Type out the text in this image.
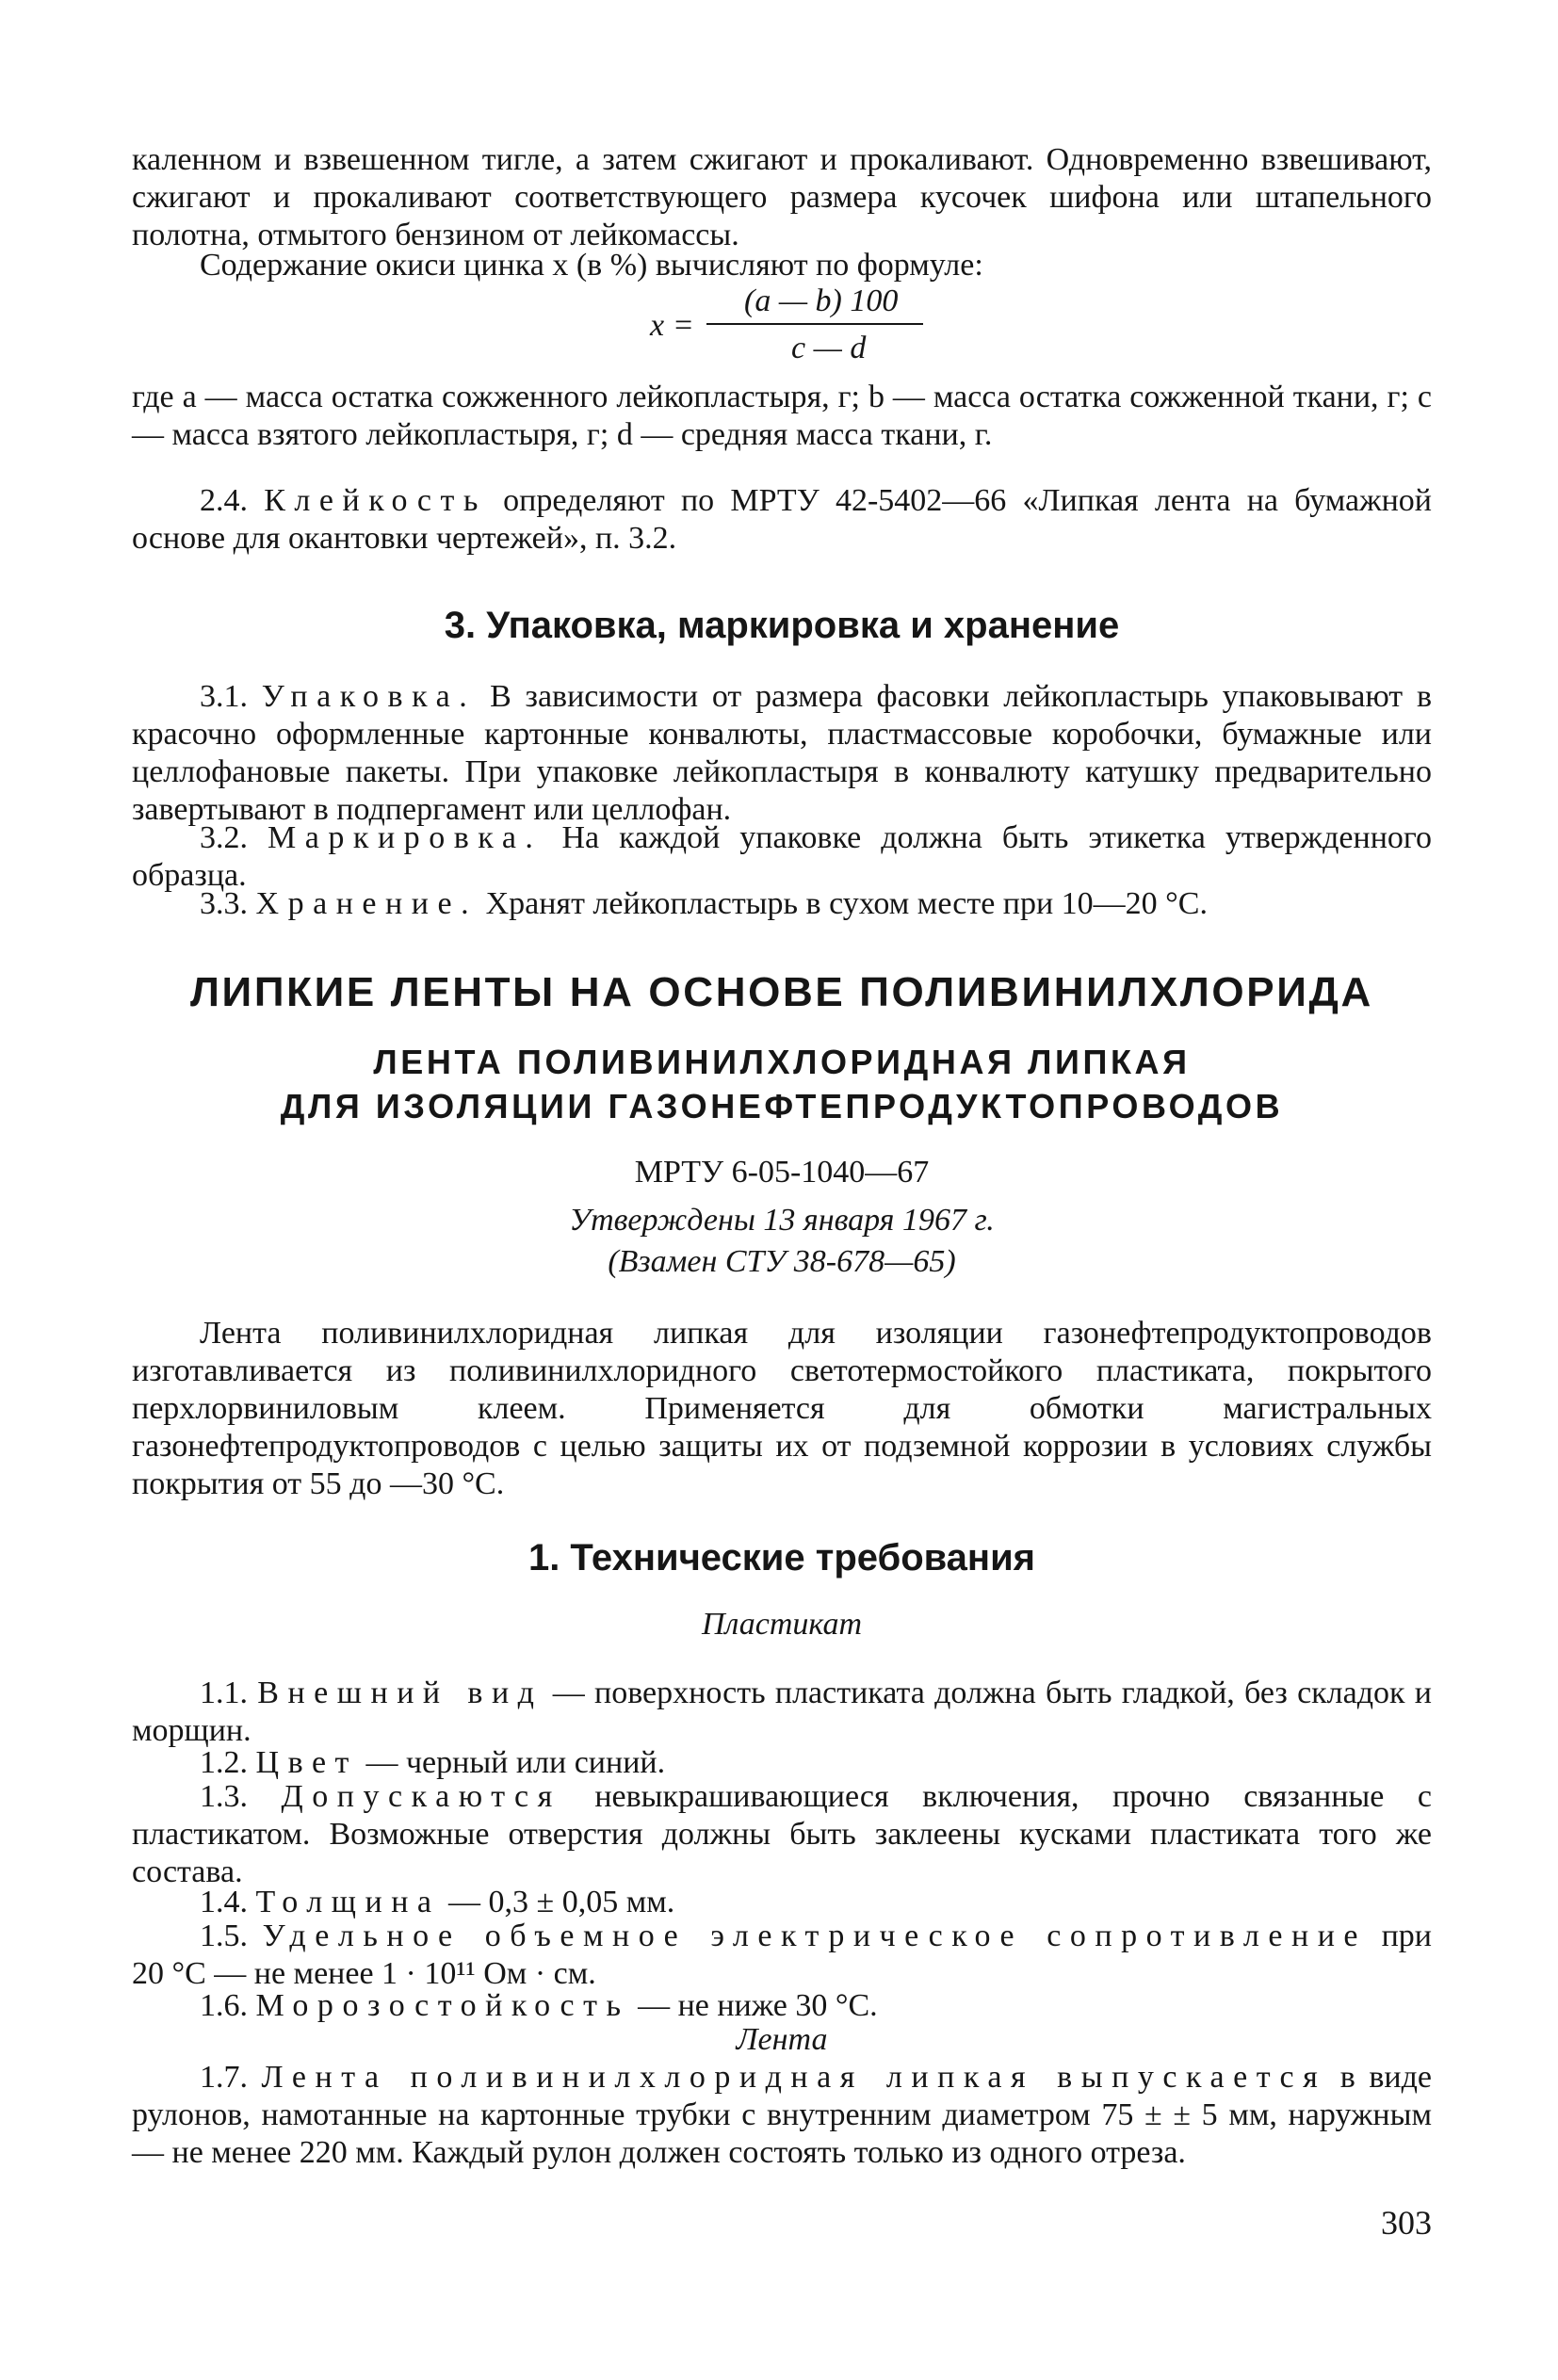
каленном и взвешенном тигле, а затем сжигают и прокаливают. Одновременно взвешивают, сжигают и прокаливают соответствующего размера кусочек шифона или штапельного полотна, отмытого бензином от лейкомассы.

Содержание окиси цинка x (в %) вычисляют по формуле:

x =
(a — b) 100
c — d

где a — масса остатка сожженного лейкопластыря, г; b — масса остатка сожженной ткани, г; c — масса взятого лейкопластыря, г; d — средняя масса ткани, г.

2.4. Клейкость определяют по МРТУ 42-5402—66 «Липкая лента на бумажной основе для окантовки чертежей», п. 3.2.

3. Упаковка, маркировка и хранение

3.1. Упаковка. В зависимости от размера фасовки лейкопластырь упаковывают в красочно оформленные картонные конвалюты, пластмассовые коробочки, бумажные или целлофановые пакеты. При упаковке лейкопластыря в конвалюту катушку предварительно завертывают в подпергамент или целлофан.

3.2. Маркировка. На каждой упаковке должна быть этикетка утвержденного образца.

3.3. Хранение. Хранят лейкопластырь в сухом месте при 10—20 °С.

ЛИПКИЕ ЛЕНТЫ НА ОСНОВЕ ПОЛИВИНИЛХЛОРИДА
ЛЕНТА ПОЛИВИНИЛХЛОРИДНАЯ ЛИПКАЯ
ДЛЯ ИЗОЛЯЦИИ ГАЗОНЕФТЕПРОДУКТОПРОВОДОВ

МРТУ 6-05-1040—67

Утверждены 13 января 1967 г.

(Взамен СТУ 38-678—65)

Лента поливинилхлоридная липкая для изоляции газонефтепродуктопроводов изготавливается из поливинилхлоридного светотермостойкого пластиката, покрытого перхлорвиниловым клеем. Применяется для обмотки магистральных газонефтепродуктопроводов с целью защиты их от подземной коррозии в условиях службы покрытия от 55 до —30 °С.

1. Технические требования

Пластикат

1.1. Внешний вид — поверхность пластиката должна быть гладкой, без складок и морщин.

1.2. Цвет — черный или синий.

1.3. Допускаются невыкрашивающиеся включения, прочно связанные с пластикатом. Возможные отверстия должны быть заклеены кусками пластиката того же состава.

1.4. Толщина — 0,3 ± 0,05 мм.

1.5. Удельное объемное электрическое сопротивление при 20 °С — не менее 1 · 10¹¹ Ом · см.

1.6. Морозостойкость — не ниже 30 °С.

Лента

1.7. Лента поливинилхлоридная липкая выпускается в виде рулонов, намотанные на картонные трубки с внутренним диаметром 75 ± ± 5 мм, наружным — не менее 220 мм. Каждый рулон должен состоять только из одного отреза.

303
